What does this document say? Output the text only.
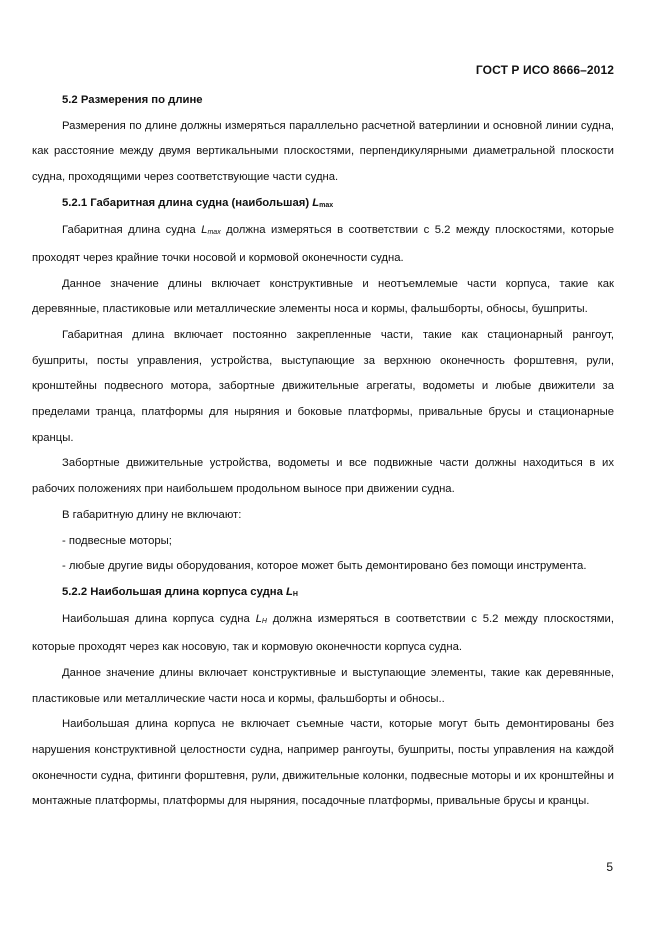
ГОСТ Р ИСО 8666–2012
5.2 Размерения по длине

Размерения по длине должны измеряться параллельно расчетной ватерлинии и основной линии судна, как расстояние между двумя вертикальными плоскостями, перпендикулярными диаметральной плоскости судна, проходящими через соответствующие части судна.

5.2.1 Габаритная длина судна (наибольшая) $L_{max}$

Габаритная длина судна $L_{max}$ должна измеряться в соответствии с 5.2 между плоскостями, которые проходят через крайние точки носовой и кормовой оконечности судна.

Данное значение длины включает конструктивные и неотъемлемые части корпуса, такие как деревянные, пластиковые или металлические элементы носа и кормы, фальшборты, обносы, бушприты.

Габаритная длина включает постоянно закрепленные части, такие как стационарный рангоут, бушприты, посты управления, устройства, выступающие за верхнюю оконечность форштевня, рули, кронштейны подвесного мотора, забортные движительные агрегаты, водометы и любые движители за пределами транца, платформы для ныряния и боковые платформы, привальные брусы и стационарные кранцы.

Забортные движительные устройства, водометы и все подвижные части должны находиться в их рабочих положениях при наибольшем продольном выносе при движении судна.

В габаритную длину не включают:

- подвесные моторы;

- любые другие виды оборудования, которое может быть демонтировано без помощи инструмента.

5.2.2 Наибольшая длина корпуса судна $L_H$

Наибольшая длина корпуса судна $L_H$ должна измеряться в соответствии с 5.2 между плоскостями, которые проходят через как носовую, так и кормовую оконечности корпуса судна.

Данное значение длины включает конструктивные и выступающие элементы, такие как деревянные, пластиковые или металлические части носа и кормы, фальшборты и обносы..

Наибольшая длина корпуса не включает съемные части, которые могут быть демонтированы без нарушения конструктивной целостности судна, например рангоуты, бушприты, посты управления на каждой оконечности судна, фитинги форштевня, рули, движительные колонки, подвесные моторы и их кронштейны и монтажные платформы, платформы для ныряния, посадочные платформы, привальные брусы и кранцы.

5
